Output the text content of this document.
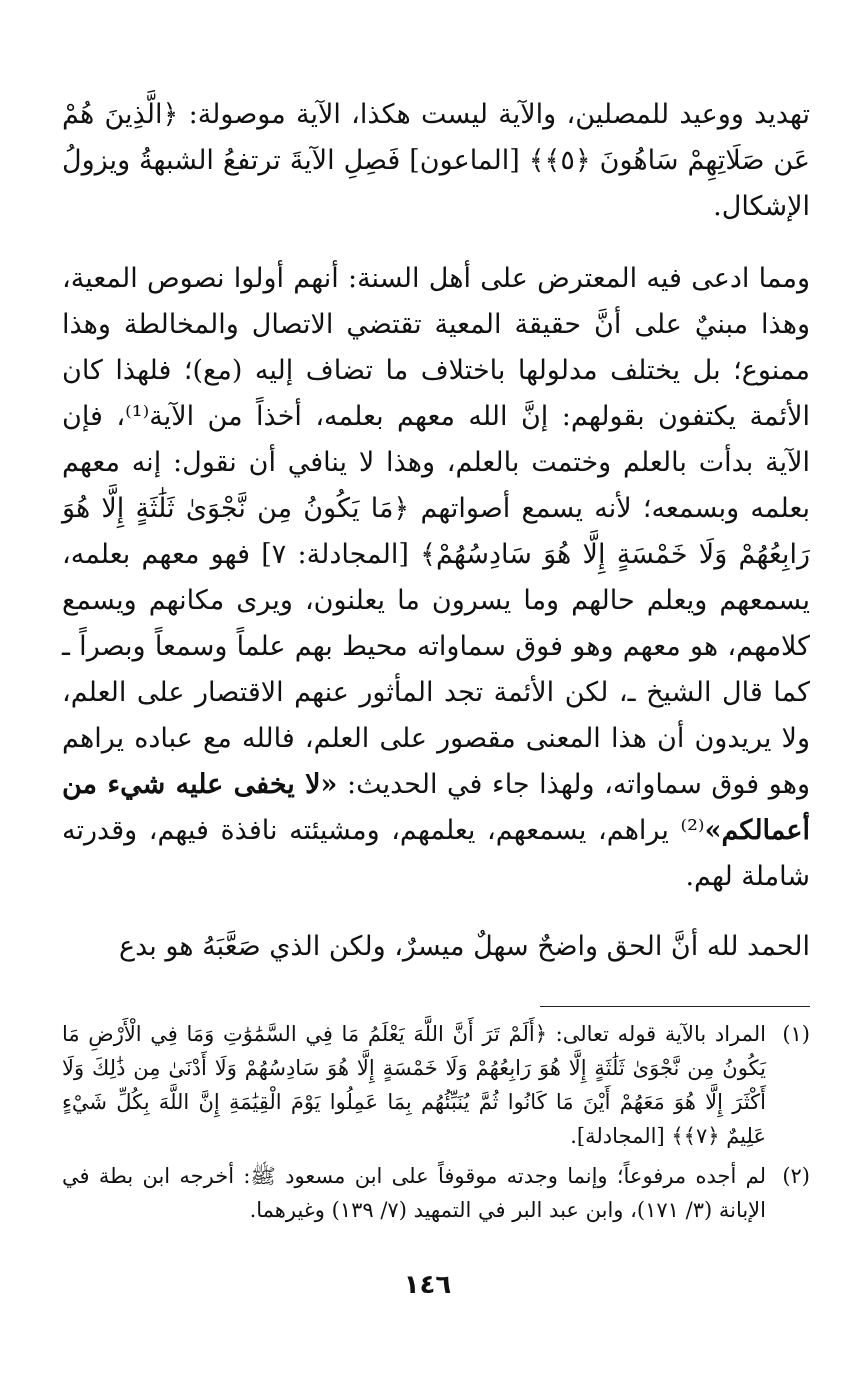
تهديد ووعيد للمصلين، والآية ليست هكذا، الآية موصولة: ﴿الَّذِينَ هُمْ عَن صَلَاتِهِمْ سَاهُونَ ﴿٥﴾﴾ [الماعون] فَصِلِ الآيةَ ترتفعُ الشبهةُ ويزولُ الإشكال.

ومما ادعى فيه المعترض على أهل السنة: أنهم أولوا نصوص المعية، وهذا مبنيٌ على أنَّ حقيقة المعية تقتضي الاتصال والمخالطة وهذا ممنوع؛ بل يختلف مدلولها باختلاف ما تضاف إليه (مع)؛ فلهذا كان الأئمة يكتفون بقولهم: إنَّ الله معهم بعلمه، أخذاً من الآية⁽¹⁾، فإن الآية بدأت بالعلم وختمت بالعلم، وهذا لا ينافي أن نقول: إنه معهم بعلمه وبسمعه؛ لأنه يسمع أصواتهم ﴿مَا يَكُونُ مِن نَّجْوَىٰ ثَلَٰثَةٍ إِلَّا هُوَ رَابِعُهُمْ وَلَا خَمْسَةٍ إِلَّا هُوَ سَادِسُهُمْ﴾ [المجادلة: ٧] فهو معهم بعلمه، يسمعهم ويعلم حالهم وما يسرون ما يعلنون، ويرى مكانهم ويسمع كلامهم، هو معهم وهو فوق سماواته محيط بهم علماً وسمعاً وبصراً ـ كما قال الشيخ ـ، لكن الأئمة تجد المأثور عنهم الاقتصار على العلم، ولا يريدون أن هذا المعنى مقصور على العلم، فالله مع عباده يراهم وهو فوق سماواته، ولهذا جاء في الحديث: «لا يخفى عليه شيء من أعمالكم»⁽²⁾ يراهم، يسمعهم، يعلمهم، ومشيئته نافذة فيهم، وقدرته شاملة لهم.

الحمد لله أنَّ الحق واضحٌ سهلٌ ميسرٌ، ولكن الذي صَعَّبَهُ هو بدع

(١)
المراد بالآية قوله تعالى: ﴿أَلَمْ تَرَ أَنَّ اللَّهَ يَعْلَمُ مَا فِي السَّمَٰوَٰتِ وَمَا فِي الْأَرْضِ مَا يَكُونُ مِن نَّجْوَىٰ ثَلَٰثَةٍ إِلَّا هُوَ رَابِعُهُمْ وَلَا خَمْسَةٍ إِلَّا هُوَ سَادِسُهُمْ وَلَا أَدْنَىٰ مِن ذَٰلِكَ وَلَا أَكْثَرَ إِلَّا هُوَ مَعَهُمْ أَيْنَ مَا كَانُوا ثُمَّ يُنَبِّئُهُم بِمَا عَمِلُوا يَوْمَ الْقِيَٰمَةِ إِنَّ اللَّهَ بِكُلِّ شَيْءٍ عَلِيمٌ ﴿٧﴾﴾ [المجادلة].
(٢)
لم أجده مرفوعاً؛ وإنما وجدته موقوفاً على ابن مسعود ﷺ: أخرجه ابن بطة في الإبانة (٣/ ١٧١)، وابن عبد البر في التمهيد (٧/ ١٣٩) وغيرهما.
١٤٦
